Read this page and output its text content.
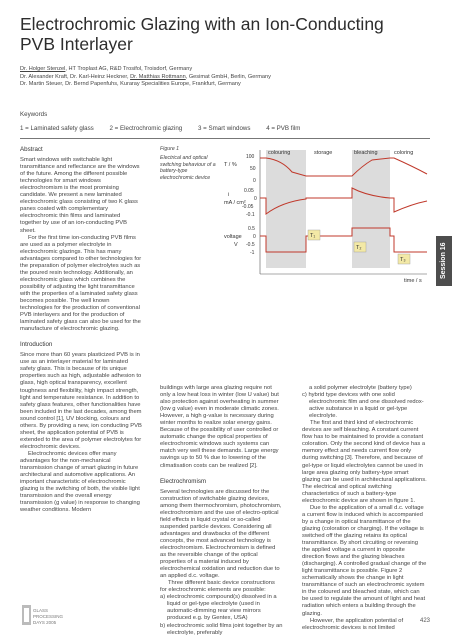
Electrochromic Glazing with an Ion-Conducting PVB Interlayer
Dr. Holger Stenzel, HT Troplast AG, R&D Trosifol, Troisdorf, Germany
Dr. Alexander Kraft, Dr. Karl-Heinz Heckner, Dr. Matthias Rottmann, Gesimat GmbH, Berlin, Germany
Dr. Martin Steuer, Dr. Bernd Papenfuhs, Kuraray Specialities Europe, Frankfurt, Germany
Keywords
1 = Laminated safety glass	2 = Electrochromic glazing	3 = Smart windows	4 = PVB film
Abstract

Smart windows with switchable light transmittance and reflectance are the windows of the future. Among the different possible technologies for smart windows electrochromism is the most promising candidate. We present a new laminated electrochromic glass consisting of two K glass panes coated with complementary electrochromic thin films and laminated together by use of an ion-conducting PVB sheet.

For the first time ion-conducting PVB films are used as a polymer electrolyte in electrochromic glazings. This has many advantages compared to other technologies for the preparation of polymer electrolytes such as the poured resin technology. Additionally, an electrochromic glass which combines the possibility of adjusting the light transmittance with the properties of a laminated safety glass becomes possible. The well known technologies for the production of conventional PVB interlayers and for the production of laminated safety glass can also be used for the manufacture of electrochromic glazing.

Introduction

Since more than 60 years plasticized PVB is in use as an interlayer material for laminated safety glass. This is because of its unique properties such as high, adjustable adhesion to glass, high optical transparency, excellent toughness and flexibility, high impact strength, light and temperature resistance. In addition to safety glass features, other functionalities have been included in the last decades, among them sound control [1], UV blocking, colours and others. By providing a new, ion conducting PVB sheet, the application potential of PVB is extended to the area of polymer electrolytes for electrochromic devices.

Electrochromic devices offer many advantages for the non-mechanical transmission change of smart glazing in future architectural and automotive applications. An important characteristic of electrochromic glazing is the switching of both, the visible light transmission and the overall energy transmission (g value) in response to changing weather conditions. Modern

Figure 1
Electrical and optical switching behaviour of a battery-type electrochromic device
colouring	storage	bleaching	coloring
T / %
100
50
0
i
mA / cm²
0.05
0
-0.05
-0.1
0.5
voltage 0
-0.5
-1
V
T₁
T₂
T₃
time / s

buildings with large area glazing require not only a low heat loss in winter (low U value) but also protection against overheating in summer (low g value) even in moderate climatic zones. However, a high g-value is necessary during winter months to realize solar energy gains. Because of the possibility of user controlled or automatic change the optical properties of electrochromic windows such systems can match very well these demands. Large energy savings up to 50 % due to lowering of the climatisation costs can be realized [2].

Electrochromism

Several technologies are discussed for the construction of switchable glazing devices, among them thermochromism, photochromism, electrochromism and the use of electro-optical field effects in liquid crystal or so-called suspended particle devices. Considering all advantages and drawbacks of the different concepts, the most advanced technology is electrochromism. Electrochromism is defined as the reversible change of the optical properties of a material induced by electrochemical oxidation and reduction due to an applied d.c. voltage.

Three different basic device constructions for electrochromic elements are possible:

a) electrochromic compound(s) dissolved in a liquid or gel-type electrolyte (used in automatic-dimming rear view mirrors produced e.g. by Gentex, USA)

b) electrochromic solid films joint together by an electrolyte, preferably

a solid polymer electrolyte (battery type)

c) hybrid type devices with one solid electrochromic film and one dissolved redox-active substance in a liquid or gel-type electrolyte.

The first and third kind of electrochromic devices are self bleaching. A constant current flow has to be maintained to provide a constant coloration. Only the second kind of device has a memory effect and needs current flow only during switching [3]. Therefore, and because of gel-type or liquid electrolytes cannot be used in large area glazing only battery-type smart glazing can be used in architectural applications. The electrical and optical switching characteristics of such a battery-type electrochromic device are shown in figure 1.

Due to the application of a small d.c. voltage a current flow is induced which is accompanied by a change in optical transmittance of the glazing (coloration or charging). If the voltage is switched off the glazing retains its optical transmittance. By short circuiting or reversing the applied voltage a current in opposite direction flows and the glazing bleaches (discharging). A controlled gradual change of the light transmittance is possible. Figure 2 schematically shows the change in light transmittance of such an electrochromic system in the coloured and bleached state, which can be used to regulate the amount of light and heat radiation which enters a building through the glazing.

However, the application potential of electrochromic devices is not limited

Session 16
GLASS
PROCESSING
DAYS 2005	423
